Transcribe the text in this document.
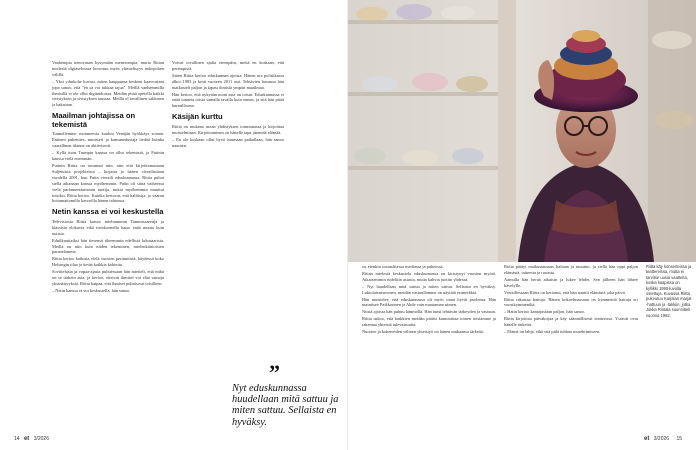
Vanhempia nenovasan kysymään menerompia, murta Riitan mielestä digiaselosssa korostuu myös ylimielisyys nakopohen välillä.

– Yksi ydinkohe kuvasi, miten kauppansa keskeni kaavoistani jopa sanoo, että "en sä voi tukkaa tajua". Meillä vanhemmilla ihmisillä ei ole ollut digitaidoissa. Meidän pitää opetella kaikki sivistyksen ja sivistyksen taustaa. Meillä ol tavallinen saldonen ja hakataan.

Maailman johtajissa on tekemistä

Tunnollemme ruotuneesta kuuluu Venäjän hyökkäys sotaan. Entinen puhemies, ministeri ja kansanedustaja tiedää kuinka vaarallinen tilanne on aktiivisesti.

– Kyllä tuon Trumpin kanssa on ollut tekemistä, ja Putinin kanssa vielä enemmän.

Putinin Riitta on tavannut niin, niin että kirjoittamastaan Suljetuista projekteista – kirjasta ja hänen vierailustaan vuodella 2001, kun Putin vieraili eduskunnassa. Riitta puhui siellä aikanaan kanssa myöhemmin. Putin oli siinä vaiheessa vielä parlamenttarismin tuntija, mutta myöhemmin muuttui toisiksi, Riitta kertoo. Kuinka kertovat, että hallitsija, jo vaaran hoitamattomilla kasvoilla hänen tahtonsa.

Netin kanssa ei voi keskustella

Televisiosta Riitta katsoo mieluummin Tammisaarenja ja klassisia elokuvia eikä tietokoneella katso enää muuta kuin uutisia.

Eduilkuuttaiksi hän tiesensä tiheemmin edellisiä lukusaarista. Meillä on niin kuin niiden tekeminen, mielenkiintoisien paranelamme.

Riitta kertoo kaikista vielä vuosien perinnöistä, käydessä koko Helsingin tilaa ja tietää kaikkia kohteita.

Sovittelusta ja vapaa-ajasta puhuessaan hän mietteli, että mikä on se tärkein asia, ja kertoo, etteivät ihmiset voi elää samoja yksinäisyyksiä. Riitta kaipaa, että ihmiset puhuisivat toisilleen.

– Netin kanssa ei voi keskustella, hän sanoo.

Voivat oivallinen ajalta eteenpäin, meitä en koskaan, että perempistä.

Sitten Riitta kertoo eduskunnan ajoista. Hänen ura politiikassa alkoi 1983 ja kesti vuoteen 2011 asti. Tehtävien lomassa hän matkusteli paljon ja tapasi ihmisiä ympäri maailmaa.

Hän kertoo, että nykyään moni asia on toisin. Eduskunnassa ei enää tunneta toisia samalla tavalla kuin ennen, ja sitä hän pitää harmillisena.

Käsijän kurttu

Riitta on mukana usean yhdistyksen toiminnassa ja kirjoittaa muistelmiaan. Kirjoittaminen on hänelle tapa jäsentää elämää.

– En ole koskaan ollut hyvä istumaan paikallaan, hän sanoo nauraen.

”
Nyt eduskunnassa huudellaan mitä sattuu ja miten sattuu. Sellaista en hyväksy.
14 et 3/2026

sa, etenkin sosiaalisessa mediassa ja puheessa.

Riitan mielestä keskustelu eduskunnassa on kiristynyt vuosien myötä. Aikaisemmin riideltiin asiasta, mutta kahvia juotiin yhdessä.

– Nyt huudellaan mitä sattuu ja miten sattuu. Sellaista en hyväksy. Lukiolaisneuvonen, meidän vastuullamme on näyttää esimerkkiä.

Hän muistelee, että eduskunnassa oli myös omat hyvät puolensa. Hän mainitsee Paikkarinen ja Ahde vain muutaman nimen.

Niistä ajoista hän puhuu lämmöllä. Hän tunsi tehtävän tärkeyden ja vastuun.

Riitta uskoo, että kaikkien meidän pitäisi kunnioittaa toinen toisiamme ja rakentaa yhteistä tulevaisuutta.

Nuorten ja kokeneiden välinen yhteistyö on hänen mukaansa tärkeää.

Riitta päätyi matkustamaan Italiaan ja muuttui, ja siellä hän oppi paljon elämästä, taiteesta ja ruoasta.

Aamulla hän herää aikaisin ja lukee lehdet. Sen jälkeen hän lähtee kävelylle.

Vieraillessaan Riitta on kertonut, että hän nauttii elämästä joka päivä.

Riitta rakastaa hattuja. Hänen kokoelmassaan on kymmeniä hattuja eri vuosikymmeniltä.

– Hattu kertoo kantajastaan paljon, hän sanoo.

Riitta kirjoittaa päiväkirjaa ja käy säännöllisesti teatterissa. Ystävät ovat hänelle tärkeitä.

– Elämä on lahja, eikä sitä pidä tuhlata murehtimiseen.

Riitta käy konserteissa ja teattereissa, mutta ei tarvitse uusia vaatteita, koska kaapissa on kyllikki 1990-luvulla ostettuja. Kuvassa Riitta pukeutuu Karjalan marjat -hattuun ja -takkiin, jotka Jukka Rintala suunnitteli vuonna 1992.
et 3/2026 15
